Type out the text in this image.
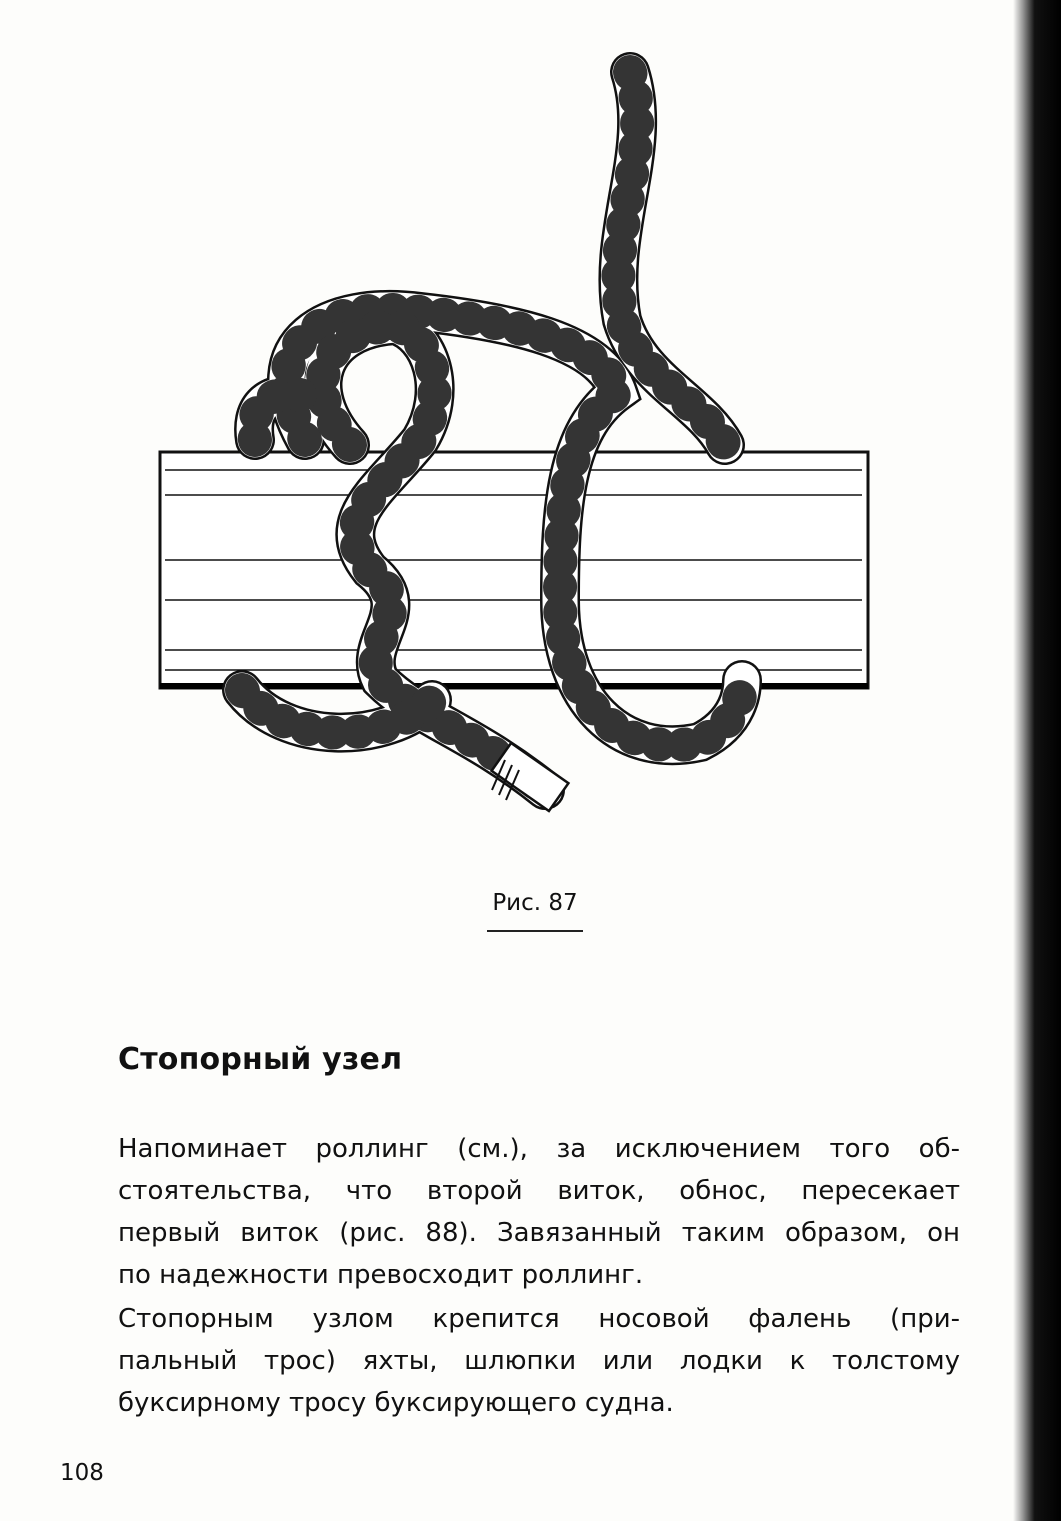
Рис. 87
Стопорный узел
Напоминает роллинг (см.), за исключением того об-
стоятельства, что второй виток, обнос, пересекает
первый виток (рис. 88). Завязанный таким образом, он
по надежности превосходит роллинг.
Стопорным узлом крепится носовой фалень (при-
пальный трос) яхты, шлюпки или лодки к толстому
буксирному тросу буксирующего судна.
108
